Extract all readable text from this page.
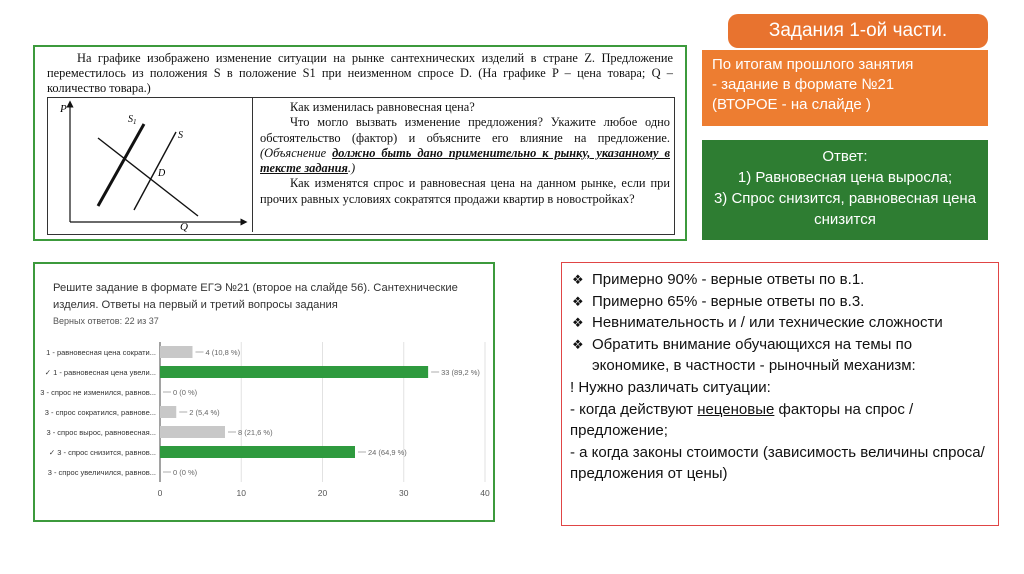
Задания 1-ой части.
По итогам прошлого занятия
- задание в формате №21
(ВТОРОЕ - на слайде )
Ответ:
1) Равновесная цена выросла;
3) Спрос снизится, равновесная цена снизится
На графике изображено изменение ситуации на рынке сантехнических изделий в стране Z. Предложение переместилось из положения S в положение S1 при неизменном спросе D. (На графике P – цена товара; Q – количество товара.)
P
Q
D
$S_1$
S
Как изменилась равновесная цена?
Что могло вызвать изменение предложения? Укажите любое одно обстоятельство (фактор) и объясните его влияние на предложение. (Объяснение должно быть дано применительно к рынку, указанному в тексте задания.)
Как изменятся спрос и равновесная цена на данном рынке, если при прочих равных условиях сократятся продажи квартир в новостройках?
Решите задание в формате ЕГЭ №21 (второе на слайде 56). Сантехнические изделия. Ответы на первый и третий вопросы задания
Верных ответов: 22 из 37
0	10	20	30	40
1 - равновесная цена сократи...	4 (10,8 %)
✓ 1 - равновесная цена увели...	33 (89,2 %)
3 - спрос не изменился, равнов... 0 (0 %)
3 - спрос сократился, равнове...	2 (5,4 %)
3 - спрос вырос, равновесная...	8 (21,6 %)
✓ 3 - спрос снизится, равнов...	24 (64,9 %)
3 - спрос увеличился, равнов... 0 (0 %)
❖ Примерно 90% - верные ответы по в.1.
❖ Примерно 65% - верные ответы по в.3.
❖ Невнимательность и / или технические сложности
❖ Обратить внимание обучающихся на темы по экономике, в частности - рыночный механизм:
! Нужно различать ситуации:
- когда действуют неценовые факторы на спрос / предложение;
- а когда законы стоимости (зависимость величины спроса/ предложения от цены)
